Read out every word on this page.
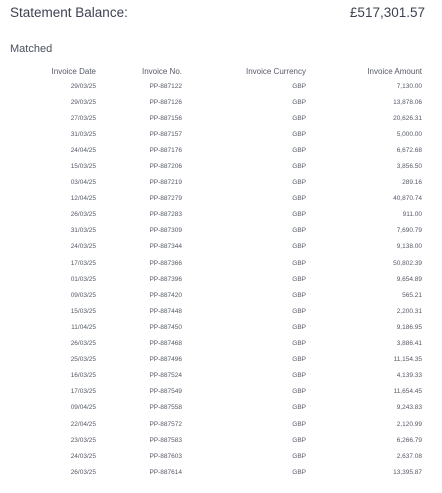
Statement Balance:	£517,301.57
Matched
Invoice Date	Invoice No.	Invoice Currency	Invoice Amount	
29/03/25	PP-887122	GBP	7,130.00	
29/03/25	PP-887126	GBP	13,878.06	
27/03/25	PP-887156	GBP	20,626.31	
31/03/25	PP-887157	GBP	5,000.00	
24/04/25	PP-887176	GBP	6,672.68	
15/03/25	PP-887206	GBP	3,856.50	
03/04/25	PP-887219	GBP	289.16	
12/04/25	PP-887279	GBP	40,870.74	
26/03/25	PP-887283	GBP	911.00	
31/03/25	PP-887309	GBP	7,690.79	
24/03/25	PP-887344	GBP	9,138.00	
17/03/25	PP-887366	GBP	50,802.39	
01/03/25	PP-887396	GBP	9,654.89	
09/03/25	PP-887420	GBP	565.21	
15/03/25	PP-887448	GBP	2,200.31	
11/04/25	PP-887450	GBP	9,186.95	
26/03/25	PP-887468	GBP	3,886.41	
25/03/25	PP-887496	GBP	11,154.35	
16/03/25	PP-887524	GBP	4,139.33	
17/03/25	PP-887549	GBP	11,654.45	
09/04/25	PP-887558	GBP	9,243.83	
22/04/25	PP-887572	GBP	2,120.99	
23/03/25	PP-887583	GBP	6,266.79	
24/03/25	PP-887603	GBP	2,637.08	
26/03/25	PP-887614	GBP	13,395.87	
